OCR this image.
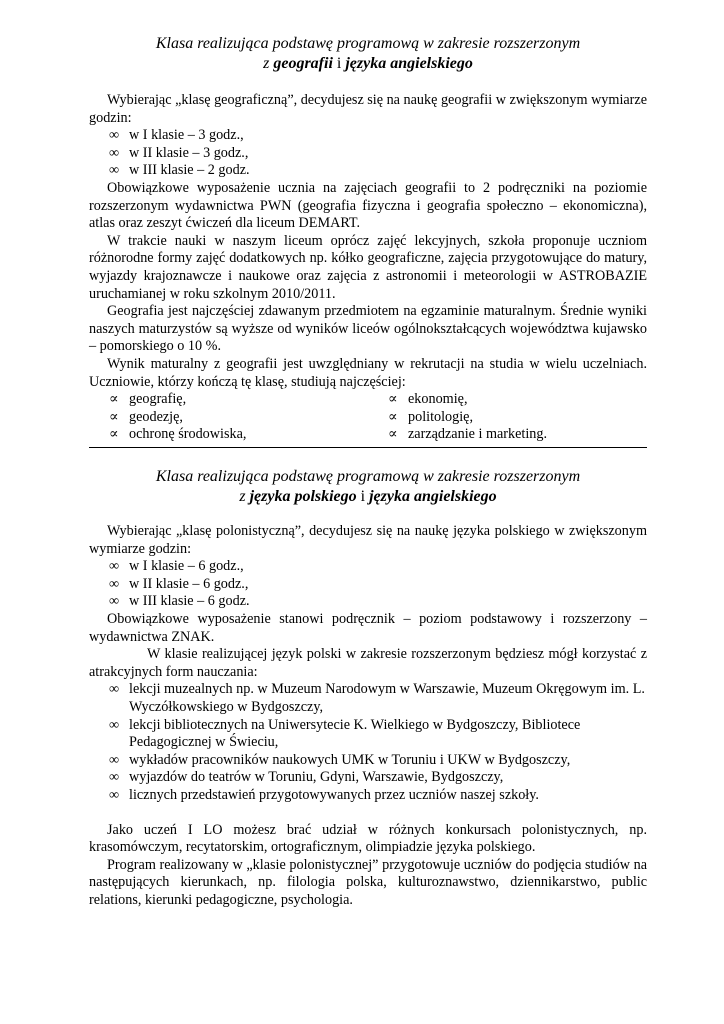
Klasa realizująca podstawę programową w zakresie rozszerzonym
z geografii i języka angielskiego

Wybierając „klasę geograficzną”, decydujesz się na naukę geografii w zwiększonym wymiarze godzin:

∞ w I klasie – 3 godz.,
∞ w II klasie – 3 godz.,
∞ w III klasie – 2 godz.

Obowiązkowe wyposażenie ucznia na zajęciach geografii to 2 podręczniki na poziomie rozszerzonym wydawnictwa PWN (geografia fizyczna i geografia społeczno – ekonomiczna), atlas oraz zeszyt ćwiczeń dla liceum DEMART.

W trakcie nauki w naszym liceum oprócz zajęć lekcyjnych, szkoła proponuje uczniom różnorodne formy zajęć dodatkowych np. kółko geograficzne, zajęcia przygotowujące do matury, wyjazdy krajoznawcze i naukowe oraz zajęcia z astronomii i meteorologii w ASTROBAZIE uruchamianej w roku szkolnym 2010/2011.

Geografia jest najczęściej zdawanym przedmiotem na egzaminie maturalnym. Średnie wyniki naszych maturzystów są wyższe od wyników liceów ogólnokształcących województwa kujawsko – pomorskiego o 10 %.

Wynik maturalny z geografii jest uwzględniany w rekrutacji na studia w wielu uczelniach. Uczniowie, którzy kończą tę klasę, studiują najczęściej:

∝ geografię,
∝ geodezję,
∝ ochronę środowiska,
∝ ekonomię,
∝ politologię,
∝ zarządzanie i marketing.
Klasa realizująca podstawę programową w zakresie rozszerzonym
z języka polskiego i języka angielskiego

Wybierając „klasę polonistyczną”, decydujesz się na naukę języka polskiego w zwiększonym wymiarze godzin:

∞ w I klasie – 6 godz.,
∞ w II klasie – 6 godz.,
∞ w III klasie – 6 godz.

Obowiązkowe wyposażenie stanowi podręcznik – poziom podstawowy i rozszerzony – wydawnictwa ZNAK.

W klasie realizującej język polski w zakresie rozszerzonym będziesz mógł korzystać z atrakcyjnych form nauczania:

∞ lekcji muzealnych np. w Muzeum Narodowym w Warszawie, Muzeum Okręgowym im. L. Wyczółkowskiego w Bydgoszczy,
∞ lekcji bibliotecznych na Uniwersytecie K. Wielkiego w Bydgoszczy, Bibliotece Pedagogicznej w Świeciu,
∞ wykładów pracowników naukowych UMK w Toruniu i UKW w Bydgoszczy,
∞ wyjazdów do teatrów w Toruniu, Gdyni, Warszawie, Bydgoszczy,
∞ licznych przedstawień przygotowywanych przez uczniów naszej szkoły.

Jako uczeń I LO możesz brać udział w różnych konkursach polonistycznych, np. krasomówczym, recytatorskim, ortograficznym, olimpiadzie języka polskiego.

Program realizowany w „klasie polonistycznej” przygotowuje uczniów do podjęcia studiów na następujących kierunkach, np. filologia polska, kulturoznawstwo, dziennikarstwo, public relations, kierunki pedagogiczne, psychologia.
